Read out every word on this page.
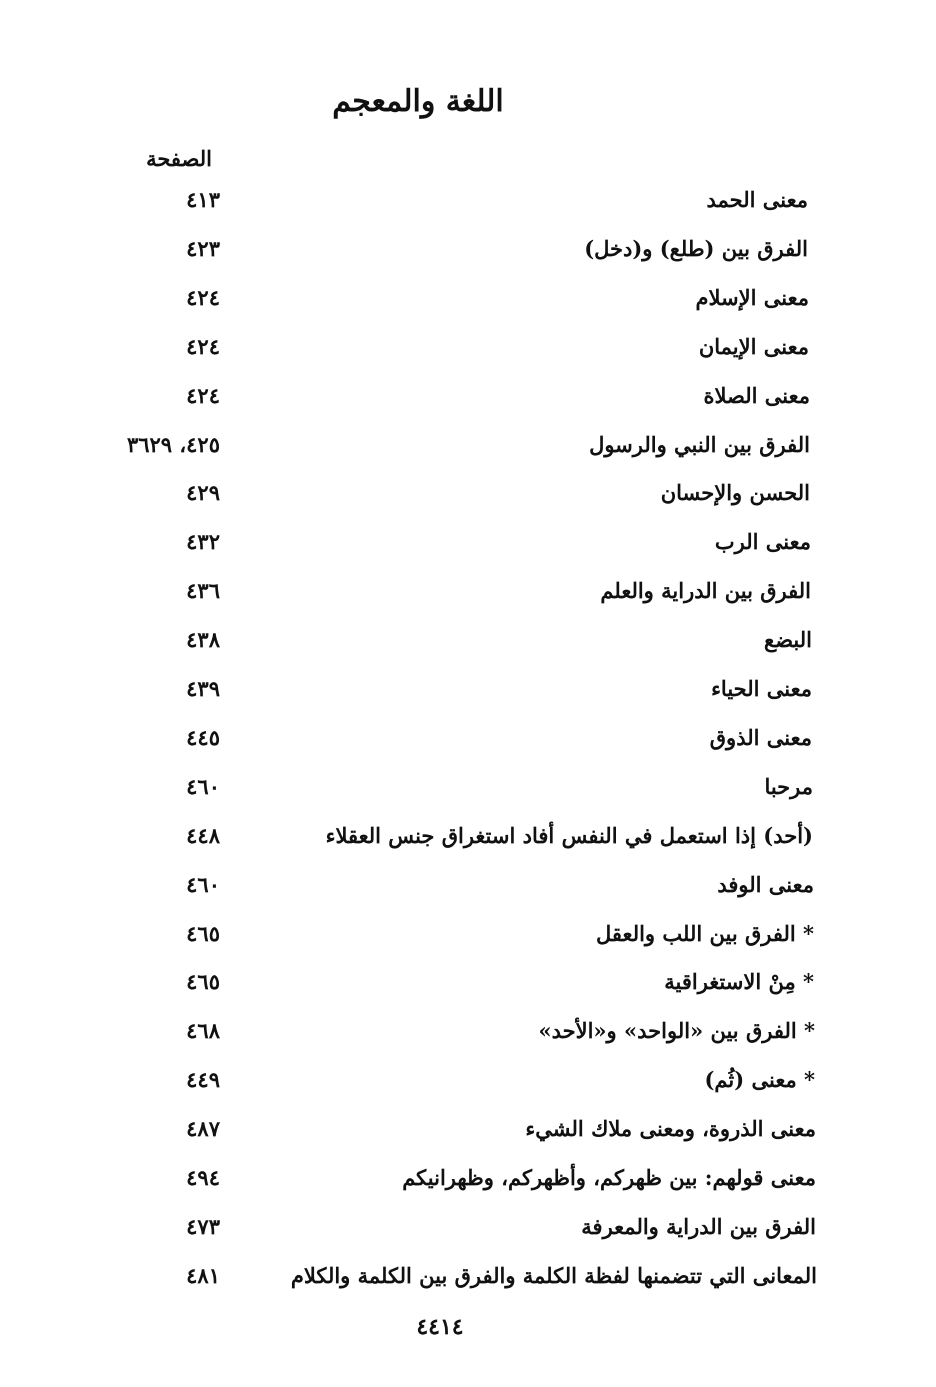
اللغة والمعجم
الصفحة
معنى الحمد
٤١٣
الفرق بين (طلع) و(دخل)
٤٢٣
معنى الإسلام
٤٢٤
معنى الإيمان
٤٢٤
معنى الصلاة
٤٢٤
الفرق بين النبي والرسول
٤٢٥، ٣٦٢٩
الحسن والإحسان
٤٢٩
معنى الرب
٤٣٢
الفرق بين الدراية والعلم
٤٣٦
البضع
٤٣٨
معنى الحياء
٤٣٩
معنى الذوق
٤٤٥
مرحبا
٤٦٠
(أحد) إذا استعمل في النفس أفاد استغراق جنس العقلاء
٤٤٨
معنى الوفد
٤٦٠
* الفرق بين اللب والعقل
٤٦٥
* مِنْ الاستغراقية
٤٦٥
* الفرق بين «الواحد» و«الأحد»
٤٦٨
* معنى (ثُم)
٤٤٩
معنى الذروة، ومعنى ملاك الشيء
٤٨٧
معنى قولهم: بين ظهركم، وأظهركم، وظهرانيكم
٤٩٤
الفرق بين الدراية والمعرفة
٤٧٣
المعانى التي تتضمنها لفظة الكلمة والفرق بين الكلمة والكلام
٤٨١
٤٤١٤
